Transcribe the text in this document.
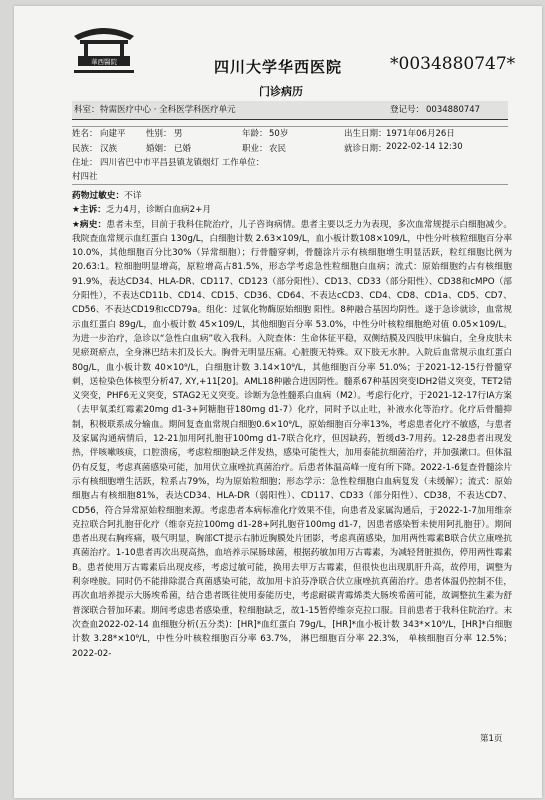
華西醫院	四川大学华西医院	*0034880747*
门诊病历
科室： 特需医疗中心 · 全科医学科医疗单元	登记号： 0034880747
姓名： 向建平 性别： 男	年龄： 50岁	出生日期： 1971年06月26日
民族： 汉族	婚姻： 已婚	职业： 农民	就诊日期： 2022-02-14 12:30
住址： 四川省巴中市平昌县镇龙镇烟灯 工作单位：
村四社

药物过敏史：不详

★主诉：乏力4月，诊断白血病2+月

★病史：患者未至，目前于我科住院治疗，儿子咨询病情。患者主要以乏力为表现，多次血常规提示白细胞减少。我院查血常规示血红蛋白 130g/L，白细胞计数 2.63×109/L，血小板计数108×109/L，中性分叶核粒细胞百分率 10.0%，其他细胞百分比30%（异常细胞）；行骨髓穿刺，骨髓涂片示有核细胞增生明显活跃，粒红细胞比例为20.63:1。粒细胞明显增高，原粒增高占81.5%，形态学考虑急性粒细胞白血病；流式：原始细胞约占有核细胞91.9%，表达CD34、HLA-DR、CD117、CD123（部分阳性）、CD13、CD33（部分阳性）、CD38和cMPO（部分阳性），不表达CD11b、CD14、CD15、CD36、CD64、不表达cCD3、CD4、CD8、CD1a、CD5、CD7、CD56、不表达CD19和cCD79a。组化：过氧化物酶原始细胞 阳性。8种融合基因均阴性。遂于急诊就诊，血常规示血红蛋白 89g/L，血小板计数 45×109/L，其他细胞百分率 53.0%，中性分叶核粒细胞绝对值 0.05×109/L。为进一步治疗，急诊以“急性白血病”收入我科。入院查体：生命体征平稳，双侧结膜及四肢甲床偏白，全身皮肤未见瘀斑瘀点，全身淋巴结未扪及长大。胸骨无明显压痛。心脏腹无特殊。双下肢无水肿。入院后血常规示血红蛋白 80g/L，血小板计数 40×10⁹/L，白细胞计数 3.14×10⁹/L，其他细胞百分率 51.0%；于2021-12-15行骨髓穿刺，送检染色体核型分析47, XY,+11[20]。AML18种融合进因阴性。髓系67种基因突变IDH2错义突变，TET2错义突变，PHF6无义突变，STAG2无义突变。诊断为急性髓系白血病（M2）。考虑行化疗，于2021-12-17行IA方案（去甲氧柔红霉素20mg d1-3+阿糖胞苷180mg d1-7）化疗，同时予以止吐，补液水化等治疗。化疗后骨髓抑制，积极联系成分输血。期间复查血常规白细胞0.6×10⁹/L，原始细胞百分率13%，考虑患者化疗不敏感，与患者及家属沟通病情后，12-21加用阿扎胞苷100mg d1-7联合化疗，但因缺药，暂缓d3-7用药。12-28患者出现发热，伴咳嗽咳痰，口腔溃疡，考虑粒细胞缺乏伴发热，感染可能性大，加用泰能抗细菌治疗，并加强漱口。但体温仍有反复，考虑真菌感染可能，加用伏立康唑抗真菌治疗。后患者体温高峰一度有所下降。2022-1-6复查骨髓涂片示有核细胞增生活跃，粒系占79%，均为原始粒细胞；形态学示：急性粒细胞白血病复发（未缓解）；流式：原始细胞占有核细胞81%，表达CD34、HLA-DR（弱阳性）、CD117、CD33（部分阳性）、CD38，不表达CD7、CD56，符合异常原始粒细胞来源。考虑患者本病标准化疗效果不佳，向患者及家属沟通后，于2022-1-7加用维奈克拉联合阿扎胞苷化疗（维奈克拉100mg d1-28+阿扎胞苷100mg d1-7，因患者感染暂未使用阿扎胞苷）。期间患者出现右胸疼痛，吸气明显，胸部CT提示右肺近胸膜处片团影，考虑真菌感染，加用两性霉素B联合伏立康唑抗真菌治疗。1-10患者再次出现高热，血培养示屎肠球菌，根据药敏加用万古霉素，为减轻肾脏损伤，停用两性霉素B。患者使用万古霉素后出现皮疹，考虑过敏可能，换用去甲万古霉素，但很快也出现肌肝升高，故停用，调整为利奈唑胺。同时仍不能排除混合真菌感染可能，故加用卡泊芬净联合伏立康唑抗真菌治疗。患者体温仍控制不佳，再次血培养提示大肠埃希菌，结合患者既往使用泰能历史，考虑耐碳青霉烯类大肠埃希菌可能，故调整抗生素为舒普深联合替加环素。期间考虑患者感染重，粒细胞缺乏，故1-15暂停维奈克拉口服。目前患者于我科住院治疗。末次查血2022-02-14 血细胞分析(五分类)：[HR]*血红蛋白 79g/L，[HR]*血小板计数 343*×10⁹/L，[HR]*白细胞计数 3.28*×10⁹/L，中性分叶核粒细胞百分率 63.7%， 淋巴细胞百分率 22.3%， 单核细胞百分率 12.5%；2022-02-

第1页
